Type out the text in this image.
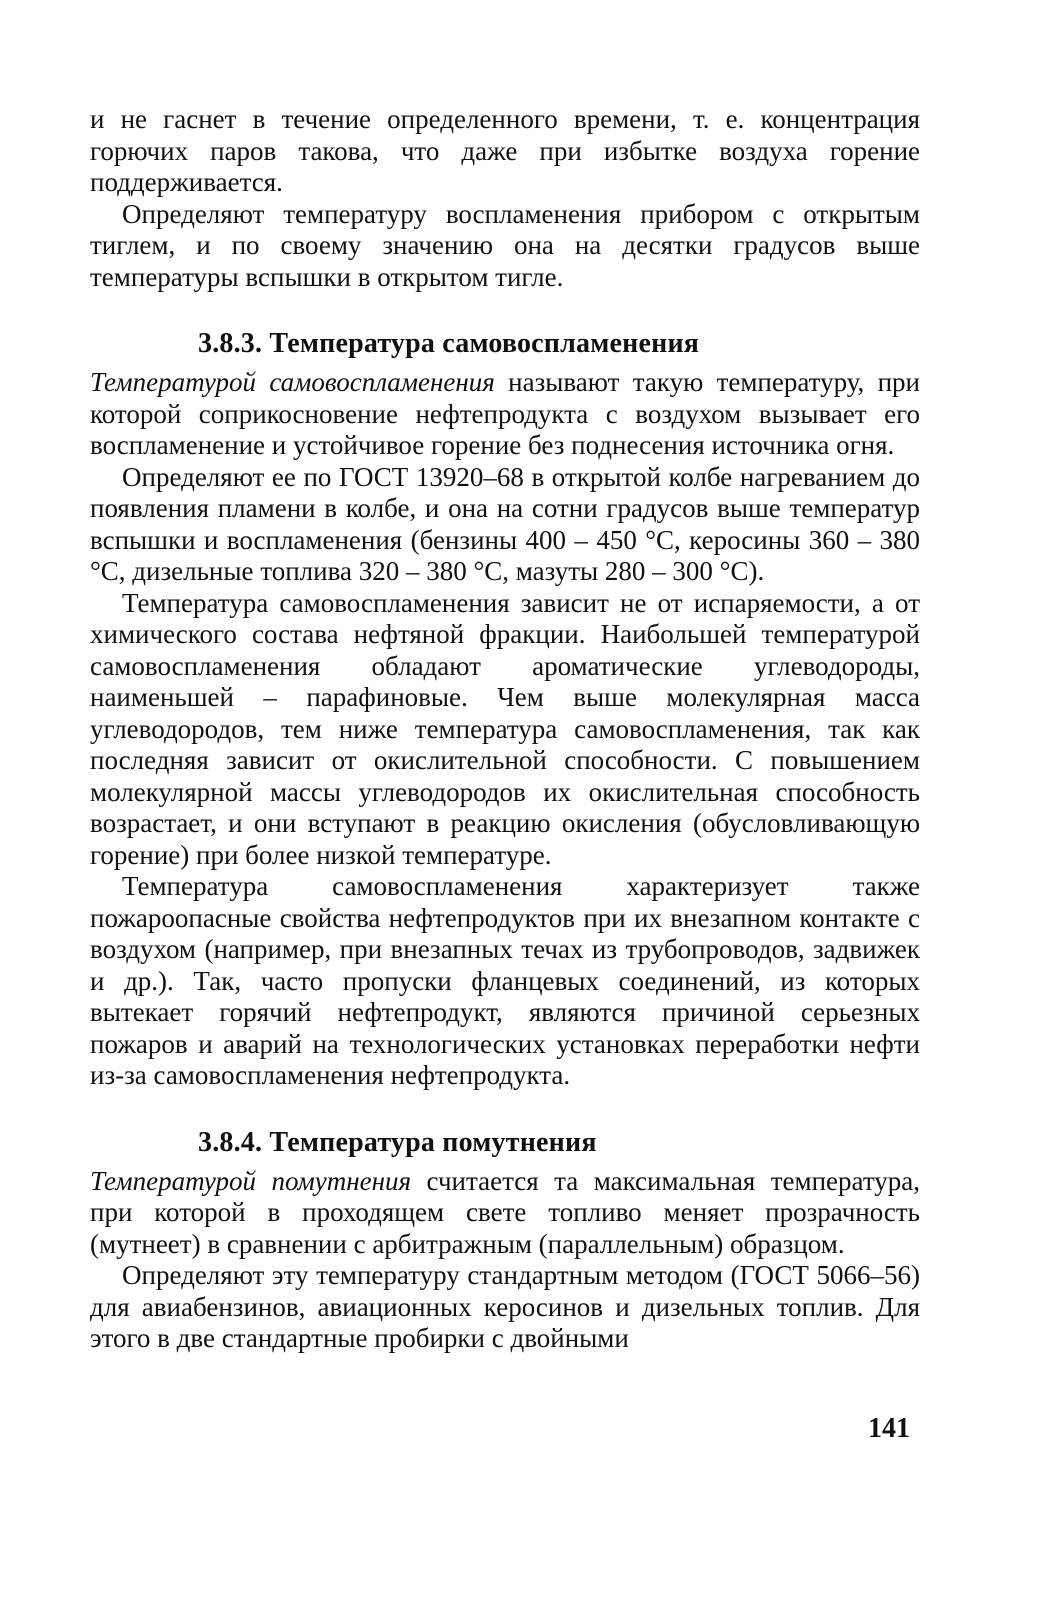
и не гаснет в течение определенного времени, т. е. концентрация горючих паров такова, что даже при избытке воздуха горение поддерживается.

Определяют температуру воспламенения прибором с открытым тиглем, и по своему значению она на десятки градусов выше температуры вспышки в открытом тигле.

3.8.3. Температура самовоспламенения

Температурой самовоспламенения называют такую температуру, при которой соприкосновение нефтепродукта с воздухом вызывает его воспламенение и устойчивое горение без поднесения источника огня.

Определяют ее по ГОСТ 13920–68 в открытой колбе нагреванием до появления пламени в колбе, и она на сотни градусов выше температур вспышки и воспламенения (бензины 400 – 450 °С, керосины 360 – 380 °С, дизельные топлива 320 – 380 °С, мазуты 280 – 300 °С).

Температура самовоспламенения зависит не от испаряемости, а от химического состава нефтяной фракции. Наибольшей температурой самовоспламенения обладают ароматические углеводороды, наименьшей – парафиновые. Чем выше молекулярная масса углеводородов, тем ниже температура самовоспламенения, так как последняя зависит от окислительной способности. С повышением молекулярной массы углеводородов их окислительная способность возрастает, и они вступают в реакцию окисления (обусловливающую горение) при более низкой температуре.

Температура самовоспламенения характеризует также пожароопасные свойства нефтепродуктов при их внезапном контакте с воздухом (например, при внезапных течах из трубопроводов, задвижек и др.). Так, часто пропуски фланцевых соединений, из которых вытекает горячий нефтепродукт, являются причиной серьезных пожаров и аварий на технологических установках переработки нефти из-за самовоспламенения нефтепродукта.

3.8.4. Температура помутнения

Температурой помутнения считается та максимальная температура, при которой в проходящем свете топливо меняет прозрачность (мутнеет) в сравнении с арбитражным (параллельным) образцом.

Определяют эту температуру стандартным методом (ГОСТ 5066–56) для авиабензинов, авиационных керосинов и дизельных топлив. Для этого в две стандартные пробирки с двойными

141
